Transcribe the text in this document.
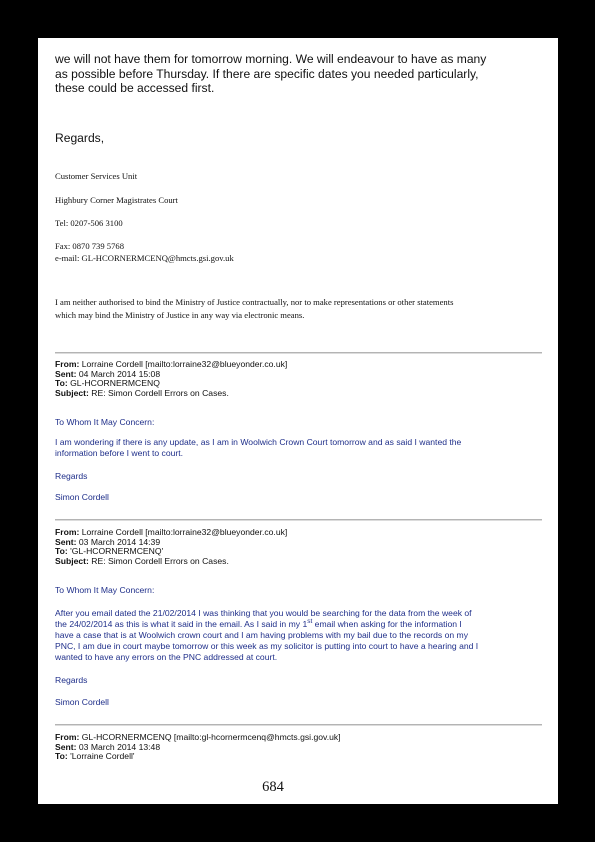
we will not have them for tomorrow morning. We will endeavour to have as many
as possible before Thursday. If there are specific dates you needed particularly,
these could be accessed first.
Regards,
Customer Services Unit
Highbury Corner Magistrates Court
Tel: 0207-506 3100
Fax: 0870 739 5768
e-mail: GL-HCORNERMCENQ@hmcts.gsi.gov.uk
I am neither authorised to bind the Ministry of Justice contractually, nor to make representations or other statements
which may bind the Ministry of Justice in any way via electronic means.
From: Lorraine Cordell [mailto:lorraine32@blueyonder.co.uk]
Sent: 04 March 2014 15:08
To: GL-HCORNERMCENQ
Subject: RE: Simon Cordell Errors on Cases.
To Whom It May Concern:
I am wondering if there is any update, as I am in Woolwich Crown Court tomorrow and as said I wanted the
information before I went to court.
Regards
Simon Cordell
From: Lorraine Cordell [mailto:lorraine32@blueyonder.co.uk]
Sent: 03 March 2014 14:39
To: 'GL-HCORNERMCENQ'
Subject: RE: Simon Cordell Errors on Cases.
To Whom It May Concern:
After you email dated the 21/02/2014 I was thinking that you would be searching for the data from the week of
the 24/02/2014 as this is what it said in the email. As I said in my 1st email when asking for the information I
have a case that is at Woolwich crown court and I am having problems with my bail due to the records on my
PNC, I am due in court maybe tomorrow or this week as my solicitor is putting into court to have a hearing and I
wanted to have any errors on the PNC addressed at court.
Regards
Simon Cordell
From: GL-HCORNERMCENQ [mailto:gl-hcornermcenq@hmcts.gsi.gov.uk]
Sent: 03 March 2014 13:48
To: 'Lorraine Cordell'
684
